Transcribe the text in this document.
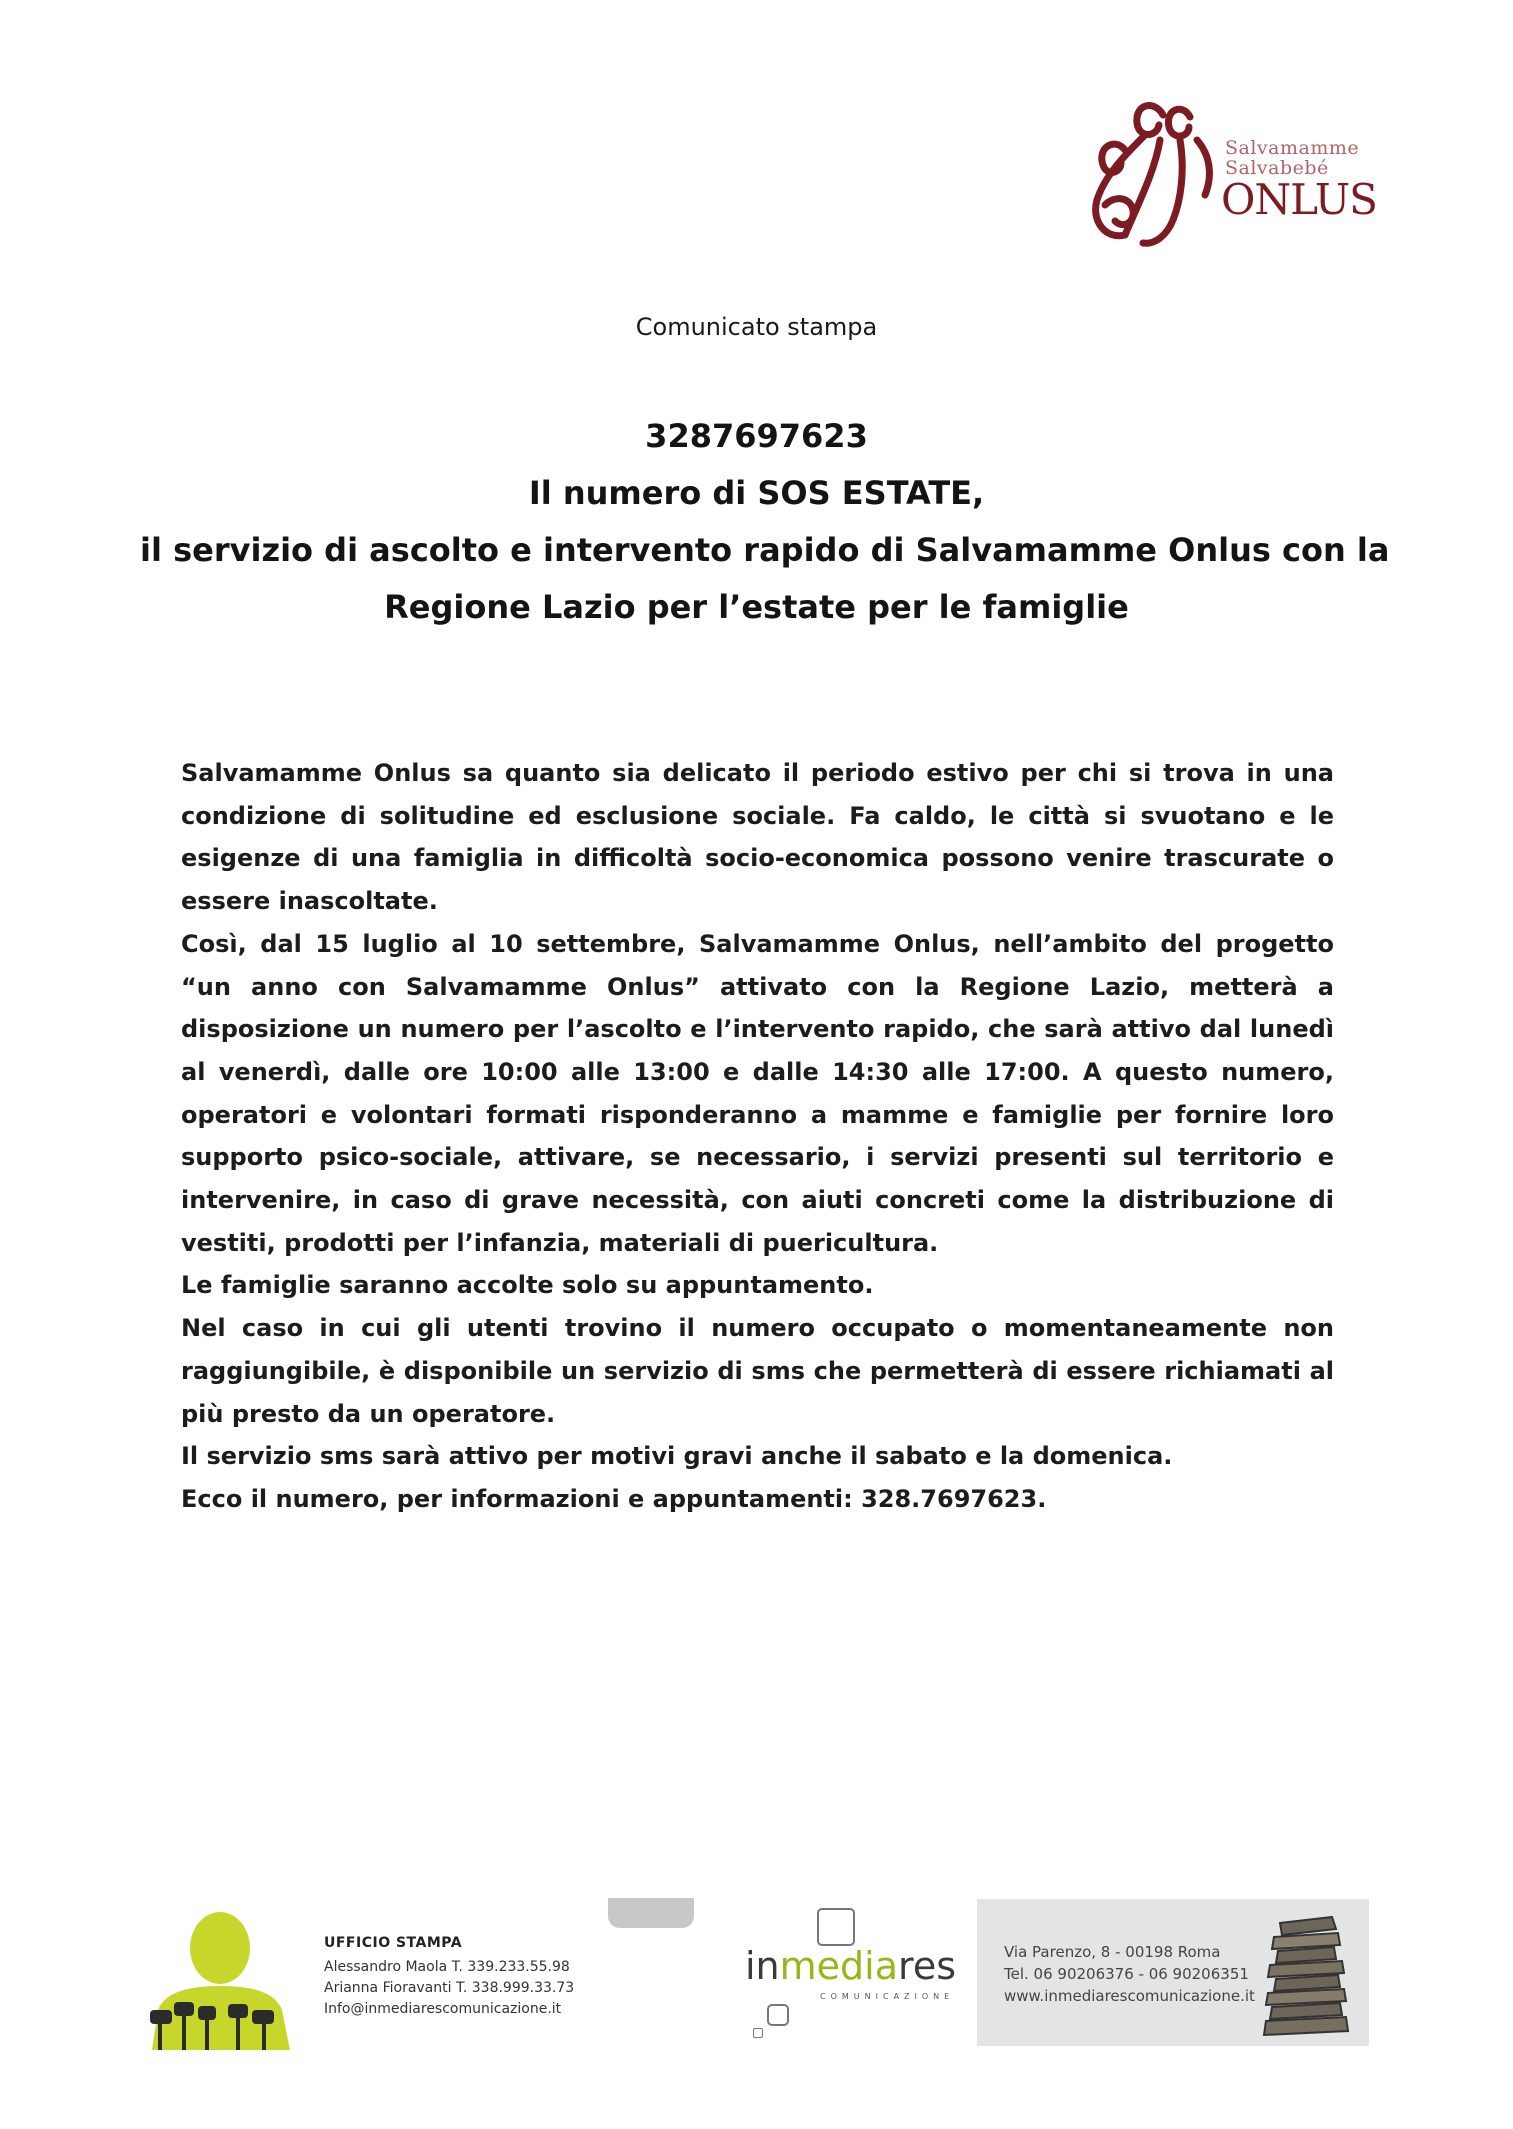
Salvamamme
Salvabebé
ONLUS
Comunicato stampa
3287697623
Il numero di SOS ESTATE,
il servizio di ascolto e intervento rapido di Salvamamme Onlus con la
Regione Lazio per l’estate per le famiglie

Salvamamme Onlus sa quanto sia delicato il periodo estivo per chi si trova in una condizione di solitudine ed esclusione sociale. Fa caldo, le città si svuotano e le esigenze di una famiglia in difficoltà socio-economica possono venire trascurate o essere inascoltate.

Così, dal 15 luglio al 10 settembre, Salvamamme Onlus, nell’ambito del progetto “un anno con Salvamamme Onlus” attivato con la Regione Lazio, metterà a disposizione un numero per l’ascolto e l’intervento rapido, che sarà attivo dal lunedì al venerdì, dalle ore 10:00 alle 13:00 e dalle 14:30 alle 17:00. A questo numero, operatori e volontari formati risponderanno a mamme e famiglie per fornire loro supporto psico-sociale, attivare, se necessario, i servizi presenti sul territorio e intervenire, in caso di grave necessità, con aiuti concreti come la distribuzione di vestiti, prodotti per l’infanzia, materiali di puericultura.

Le famiglie saranno accolte solo su appuntamento.

Nel caso in cui gli utenti trovino il numero occupato o momentaneamente non raggiungibile, è disponibile un servizio di sms che permetterà di essere richiamati al più presto da un operatore.

Il servizio sms sarà attivo per motivi gravi anche il sabato e la domenica.

Ecco il numero, per informazioni e appuntamenti: 328.7697623.

UFFICIO STAMPA
Alessandro Maola T. 339.233.55.98
Arianna Fioravanti T. 338.999.33.73
Info@inmediarescomunicazione.it
inmediares
COMUNICAZIONE
Via Parenzo, 8 - 00198 Roma
Tel. 06 90206376 - 06 90206351
www.inmediarescomunicazione.it
